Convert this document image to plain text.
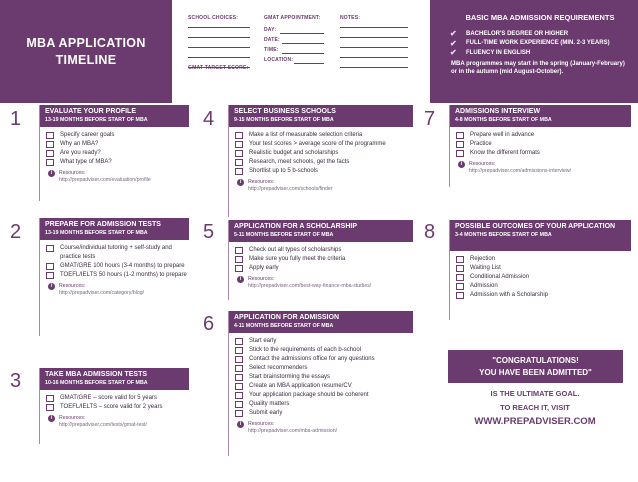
MBA APPLICATION
TIMELINE
SCHOOL CHOICES:
GMAT TARGET SCORE:
GMAT APPOINTMENT:
DAY:
DATE:
TIME:
LOCATION:
NOTES:	BASIC MBA ADMISSION REQUIREMENTS
✔	BACHELOR'S DEGREE OR HIGHER
✔	FULL-TIME WORK EXPERIENCE (MIN. 2-3 YEARS)
✔	FLUENCY IN ENGLISH
MBA programmes may start in the spring (January-February) or in the autumn (mid August-October).
1	EVALUATE YOUR PROFILE
13-19 MONTHS BEFORE START OF MBA
Specify career goals
Why an MBA?
Are you ready?
What type of MBA?
i	Resources:
http://prepadviser.com/evaluation/profile
2	PREPARE FOR ADMISSION TESTS
13-19 MONTHS BEFORE START OF MBA
Course/individual tutoring + self-study and practice tests
GMAT/GRE 100 hours (3-4 months) to prepare
TOEFL/IELTS 50 hours (1-2 months) to prepare
i	Resources:
http://prepadviser.com/category/blog/
3	TAKE MBA ADMISSION TESTS
10-16 MONTHS BEFORE START OF MBA
GMAT/GRE – score valid for 5 years
TOEFL/IELTS – score valid for 2 years
i	Resources:
http://prepadviser.com/tests/gmat-test/
4	SELECT BUSINESS SCHOOLS
9-15 MONTHS BEFORE START OF MBA
Make a list of measurable selection criteria
Your test scores > average score of the programme
Realistic budget and scholarships
Research, meet schools, get the facts
Shortlist up to 5 b-schools
i	Resources:
http://prepadviser.com/schools/finder
5	APPLICATION FOR A SCHOLARSHIP
5-11 MONTHS BEFORE START OF MBA
Check out all types of scholarships
Make sure you fully meet the criteria
Apply early
i	Resources:
http://prepadviser.com/best-way-finance-mba-studies/
6	APPLICATION FOR ADMISSION
4-11 MONTHS BEFORE START OF MBA
Start early
Stick to the requirements of each b-school
Contact the admissions office for any questions
Select recommenders
Start brainstorming the essays
Create an MBA application resume/CV
Your application package should be coherent
Quality matters
Submit early
i	Resources:
http://prepadviser.com/mba-admission/
7	ADMISSIONS INTERVIEW
4-8 MONTHS BEFORE START OF MBA
Prepare well in advance
Practice
Know the different formats
i	Resources:
http://prepadviser.com/admissions-interview/
8	POSSIBLE OUTCOMES OF YOUR APPLICATION
3-4 MONTHS BEFORE START OF MBA
Rejection
Waiting List
Conditional Admission
Admission
Admission with a Scholarship
"CONGRATULATIONS!
YOU HAVE BEEN ADMITTED"
IS THE ULTIMATE GOAL.
TO REACH IT, VISIT
WWW.PREPADVISER.COM
